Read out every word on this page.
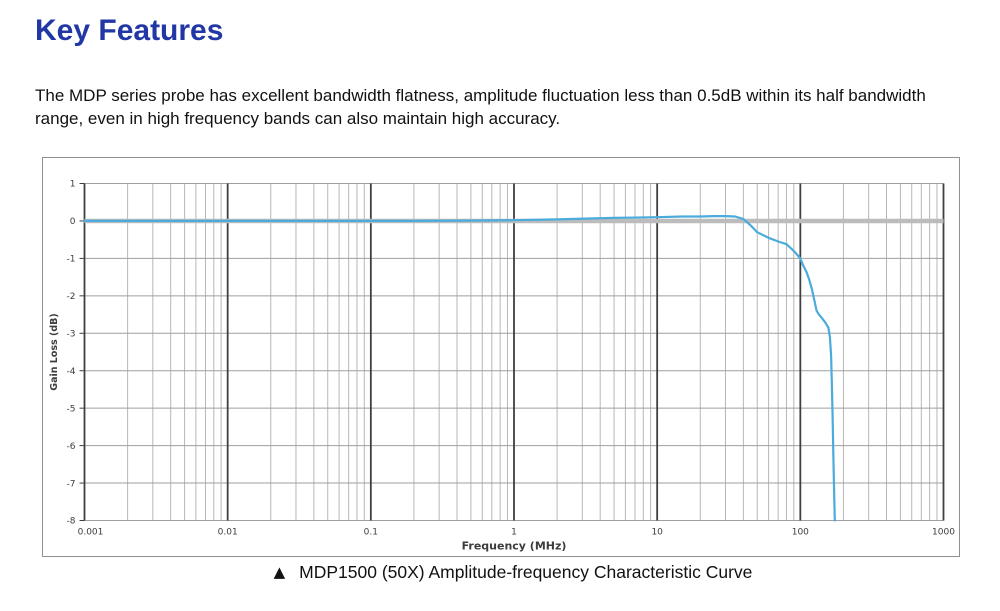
Key Features

The MDP series probe has excellent bandwidth flatness, amplitude fluctuation less than 0.5dB within its half bandwidth range, even in high frequency bands can also maintain high accuracy.

1
0
-1
-2
-3
-4
-5
-6
-7
-8
0.001	0.01	0.1	1	10	100	1000
Gain Loss (dB)
Frequency (MHz)
▲ MDP1500 (50X) Amplitude-frequency Characteristic Curve
